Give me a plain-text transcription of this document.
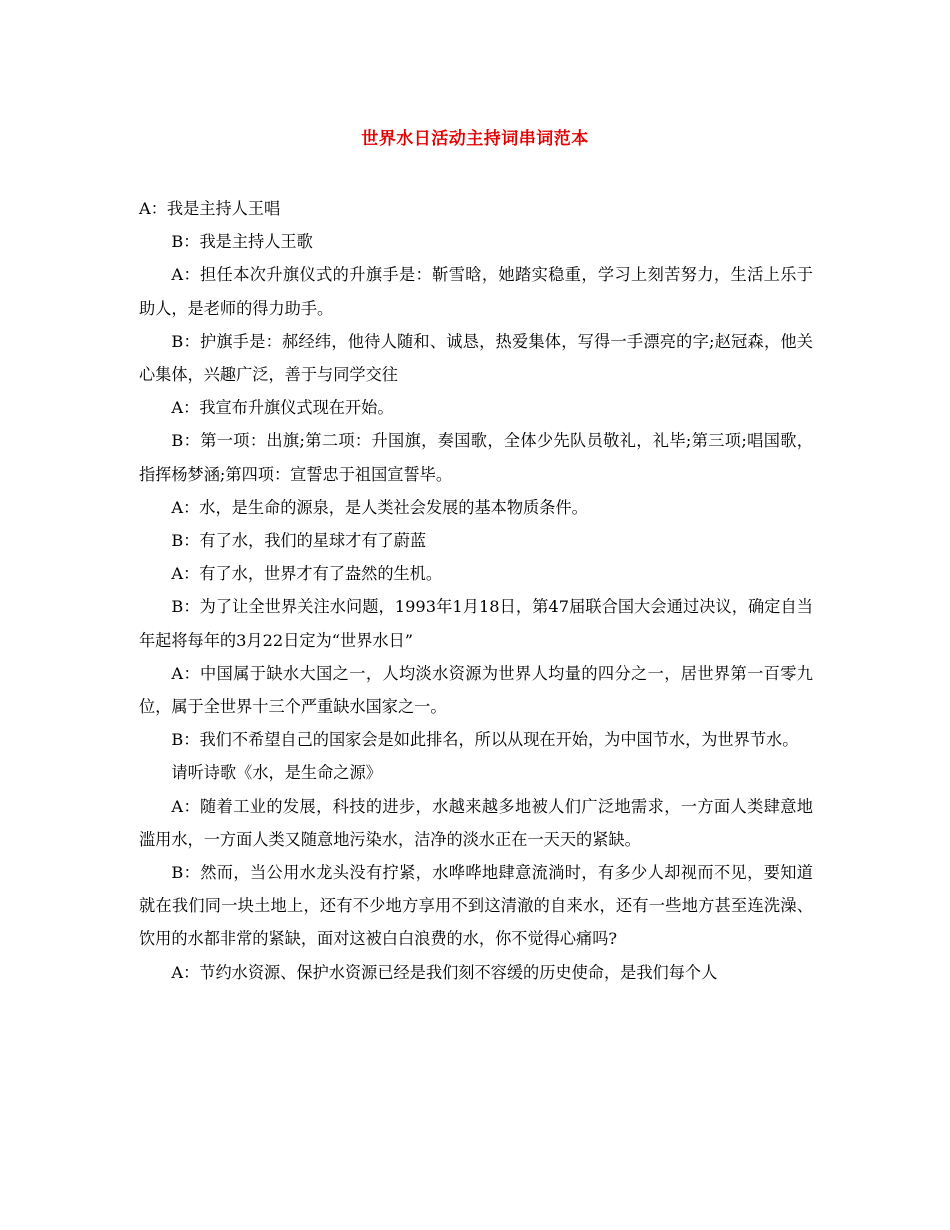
世界水日活动主持词串词范本

A：我是主持人王唱

B：我是主持人王歌

A：担任本次升旗仪式的升旗手是：靳雪晗，她踏实稳重，学习上刻苦努力，生活上乐于助人，是老师的得力助手。

B：护旗手是：郝经纬，他待人随和、诚恳，热爱集体，写得一手漂亮的字;赵冠森，他关心集体，兴趣广泛，善于与同学交往

A：我宣布升旗仪式现在开始。

B：第一项：出旗;第二项：升国旗，奏国歌，全体少先队员敬礼，礼毕;第三项;唱国歌，指挥杨梦涵;第四项：宣誓忠于祖国宣誓毕。

A：水，是生命的源泉，是人类社会发展的基本物质条件。

B：有了水，我们的星球才有了蔚蓝

A：有了水，世界才有了盎然的生机。

B：为了让全世界关注水问题，1993年1月18日，第47届联合国大会通过决议，确定自当年起将每年的3月22日定为“世界水日”

A：中国属于缺水大国之一，人均淡水资源为世界人均量的四分之一，居世界第一百零九位，属于全世界十三个严重缺水国家之一。

B：我们不希望自己的国家会是如此排名，所以从现在开始，为中国节水，为世界节水。

请听诗歌《水，是生命之源》

A：随着工业的发展，科技的进步，水越来越多地被人们广泛地需求，一方面人类肆意地滥用水，一方面人类又随意地污染水，洁净的淡水正在一天天的紧缺。

B：然而，当公用水龙头没有拧紧，水哗哗地肆意流淌时，有多少人却视而不见，要知道就在我们同一块土地上，还有不少地方享用不到这清澈的自来水，还有一些地方甚至连洗澡、饮用的水都非常的紧缺，面对这被白白浪费的水，你不觉得心痛吗?

A：节约水资源、保护水资源已经是我们刻不容缓的历史使命，是我们每个人
